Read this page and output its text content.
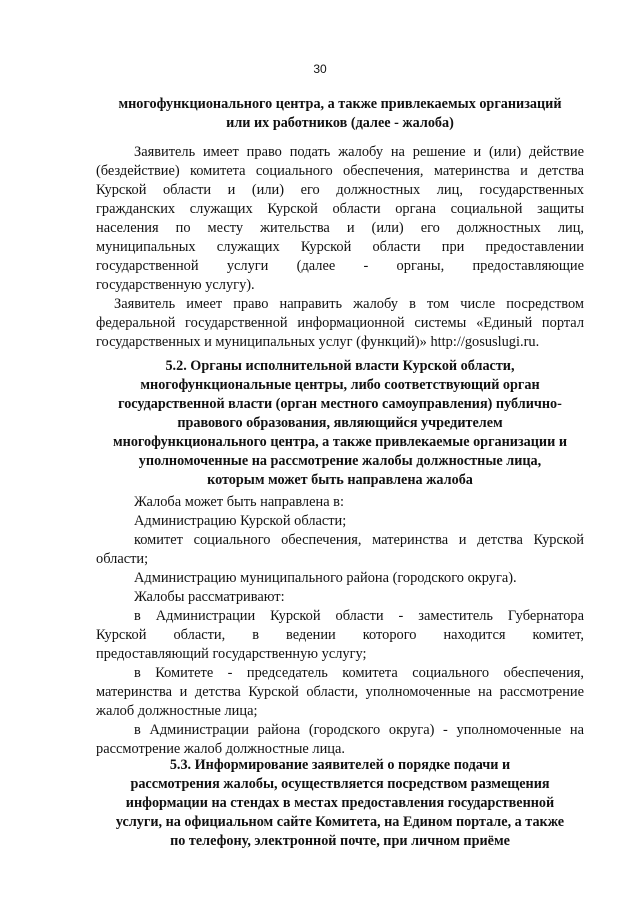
30
многофункционального центра, а также привлекаемых организаций
или их работников (далее - жалоба)
Заявитель имеет право подать жалобу на решение и (или) действие
(бездействие) комитета социального обеспечения, материнства и детства
Курской области и (или) его должностных лиц, государственных
гражданских служащих Курской области органа социальной защиты
населения по месту жительства и (или) его должностных лиц,
муниципальных служащих Курской области при предоставлении
государственной услуги (далее - органы, предоставляющие
государственную услугу).
Заявитель имеет право направить жалобу в том числе посредством
федеральной государственной информационной системы «Единый портал
государственных и муниципальных услуг (функций)» http://gosuslugi.ru.
5.2. Органы исполнительной власти Курской области,
многофункциональные центры, либо соответствующий орган
государственной власти (орган местного самоуправления) публично-
правового образования, являющийся учредителем
многофункционального центра, а также привлекаемые организации и
уполномоченные на рассмотрение жалобы должностные лица,
которым может быть направлена жалоба
Жалоба может быть направлена в:
Администрацию Курской области;
комитет социального обеспечения, материнства и детства Курской
области;
Администрацию муниципального района (городского округа).
Жалобы рассматривают:
в Администрации Курской области - заместитель Губернатора
Курской области, в ведении которого находится комитет,
предоставляющий государственную услугу;
в Комитете - председатель комитета социального обеспечения,
материнства и детства Курской области, уполномоченные на рассмотрение
жалоб должностные лица;
в Администрации района (городского округа) - уполномоченные на
рассмотрение жалоб должностные лица.
5.3. Информирование заявителей о порядке подачи и
рассмотрения жалобы, осуществляется посредством размещения
информации на стендах в местах предоставления государственной
услуги, на официальном сайте Комитета, на Едином портале, а также
по телефону, электронной почте, при личном приёме
